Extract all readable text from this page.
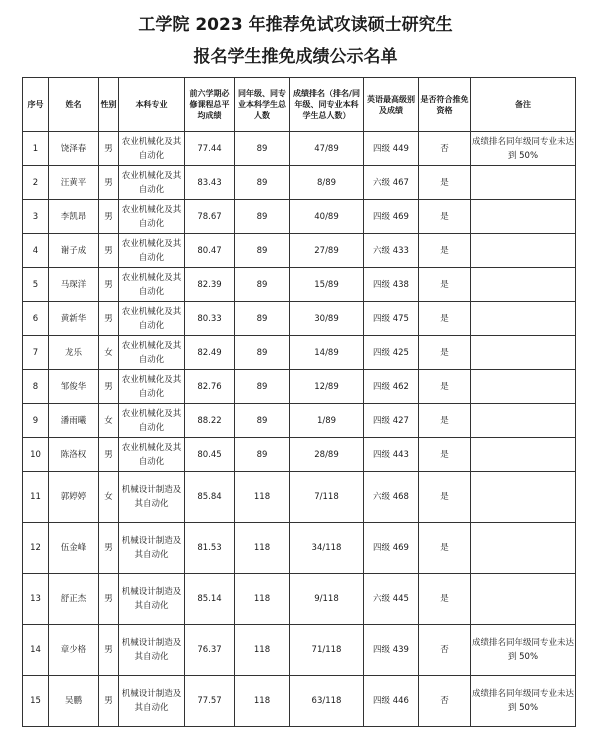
工学院 2023 年推荐免试攻读硕士研究生
报名学生推免成绩公示名单
序号	姓名	性别	本科专业	前六学期必修课程总平均成绩	同年级、同专业本科学生总人数	成绩排名（排名/同年级、同专业本科学生总人数）	英语最高级别及成绩	是否符合推免资格	备注
1	饶泽春	男	农业机械化及其自动化	77.44	89	47/89	四级 449	否	成绩排名同年级同专业未达到 50%
2	汪黄平	男	农业机械化及其自动化	83.43	89	8/89	六级 467	是	
3	李凯昂	男	农业机械化及其自动化	78.67	89	40/89	四级 469	是	
4	谢子成	男	农业机械化及其自动化	80.47	89	27/89	六级 433	是	
5	马琛洋	男	农业机械化及其自动化	82.39	89	15/89	四级 438	是	
6	黄新华	男	农业机械化及其自动化	80.33	89	30/89	四级 475	是	
7	龙乐	女	农业机械化及其自动化	82.49	89	14/89	四级 425	是	
8	邹俊华	男	农业机械化及其自动化	82.76	89	12/89	四级 462	是	
9	潘雨曦	女	农业机械化及其自动化	88.22	89	1/89	四级 427	是	
10	陈洛权	男	农业机械化及其自动化	80.45	89	28/89	四级 443	是	
11	郭婷婷	女	机械设计制造及其自动化	85.84	118	7/118	六级 468	是	
12	伍金峰	男	机械设计制造及其自动化	81.53	118	34/118	四级 469	是	
13	舒正杰	男	机械设计制造及其自动化	85.14	118	9/118	六级 445	是	
14	章少格	男	机械设计制造及其自动化	76.37	118	71/118	四级 439	否	成绩排名同年级同专业未达到 50%
15	吴鹏	男	机械设计制造及其自动化	77.57	118	63/118	四级 446	否	成绩排名同年级同专业未达到 50%
